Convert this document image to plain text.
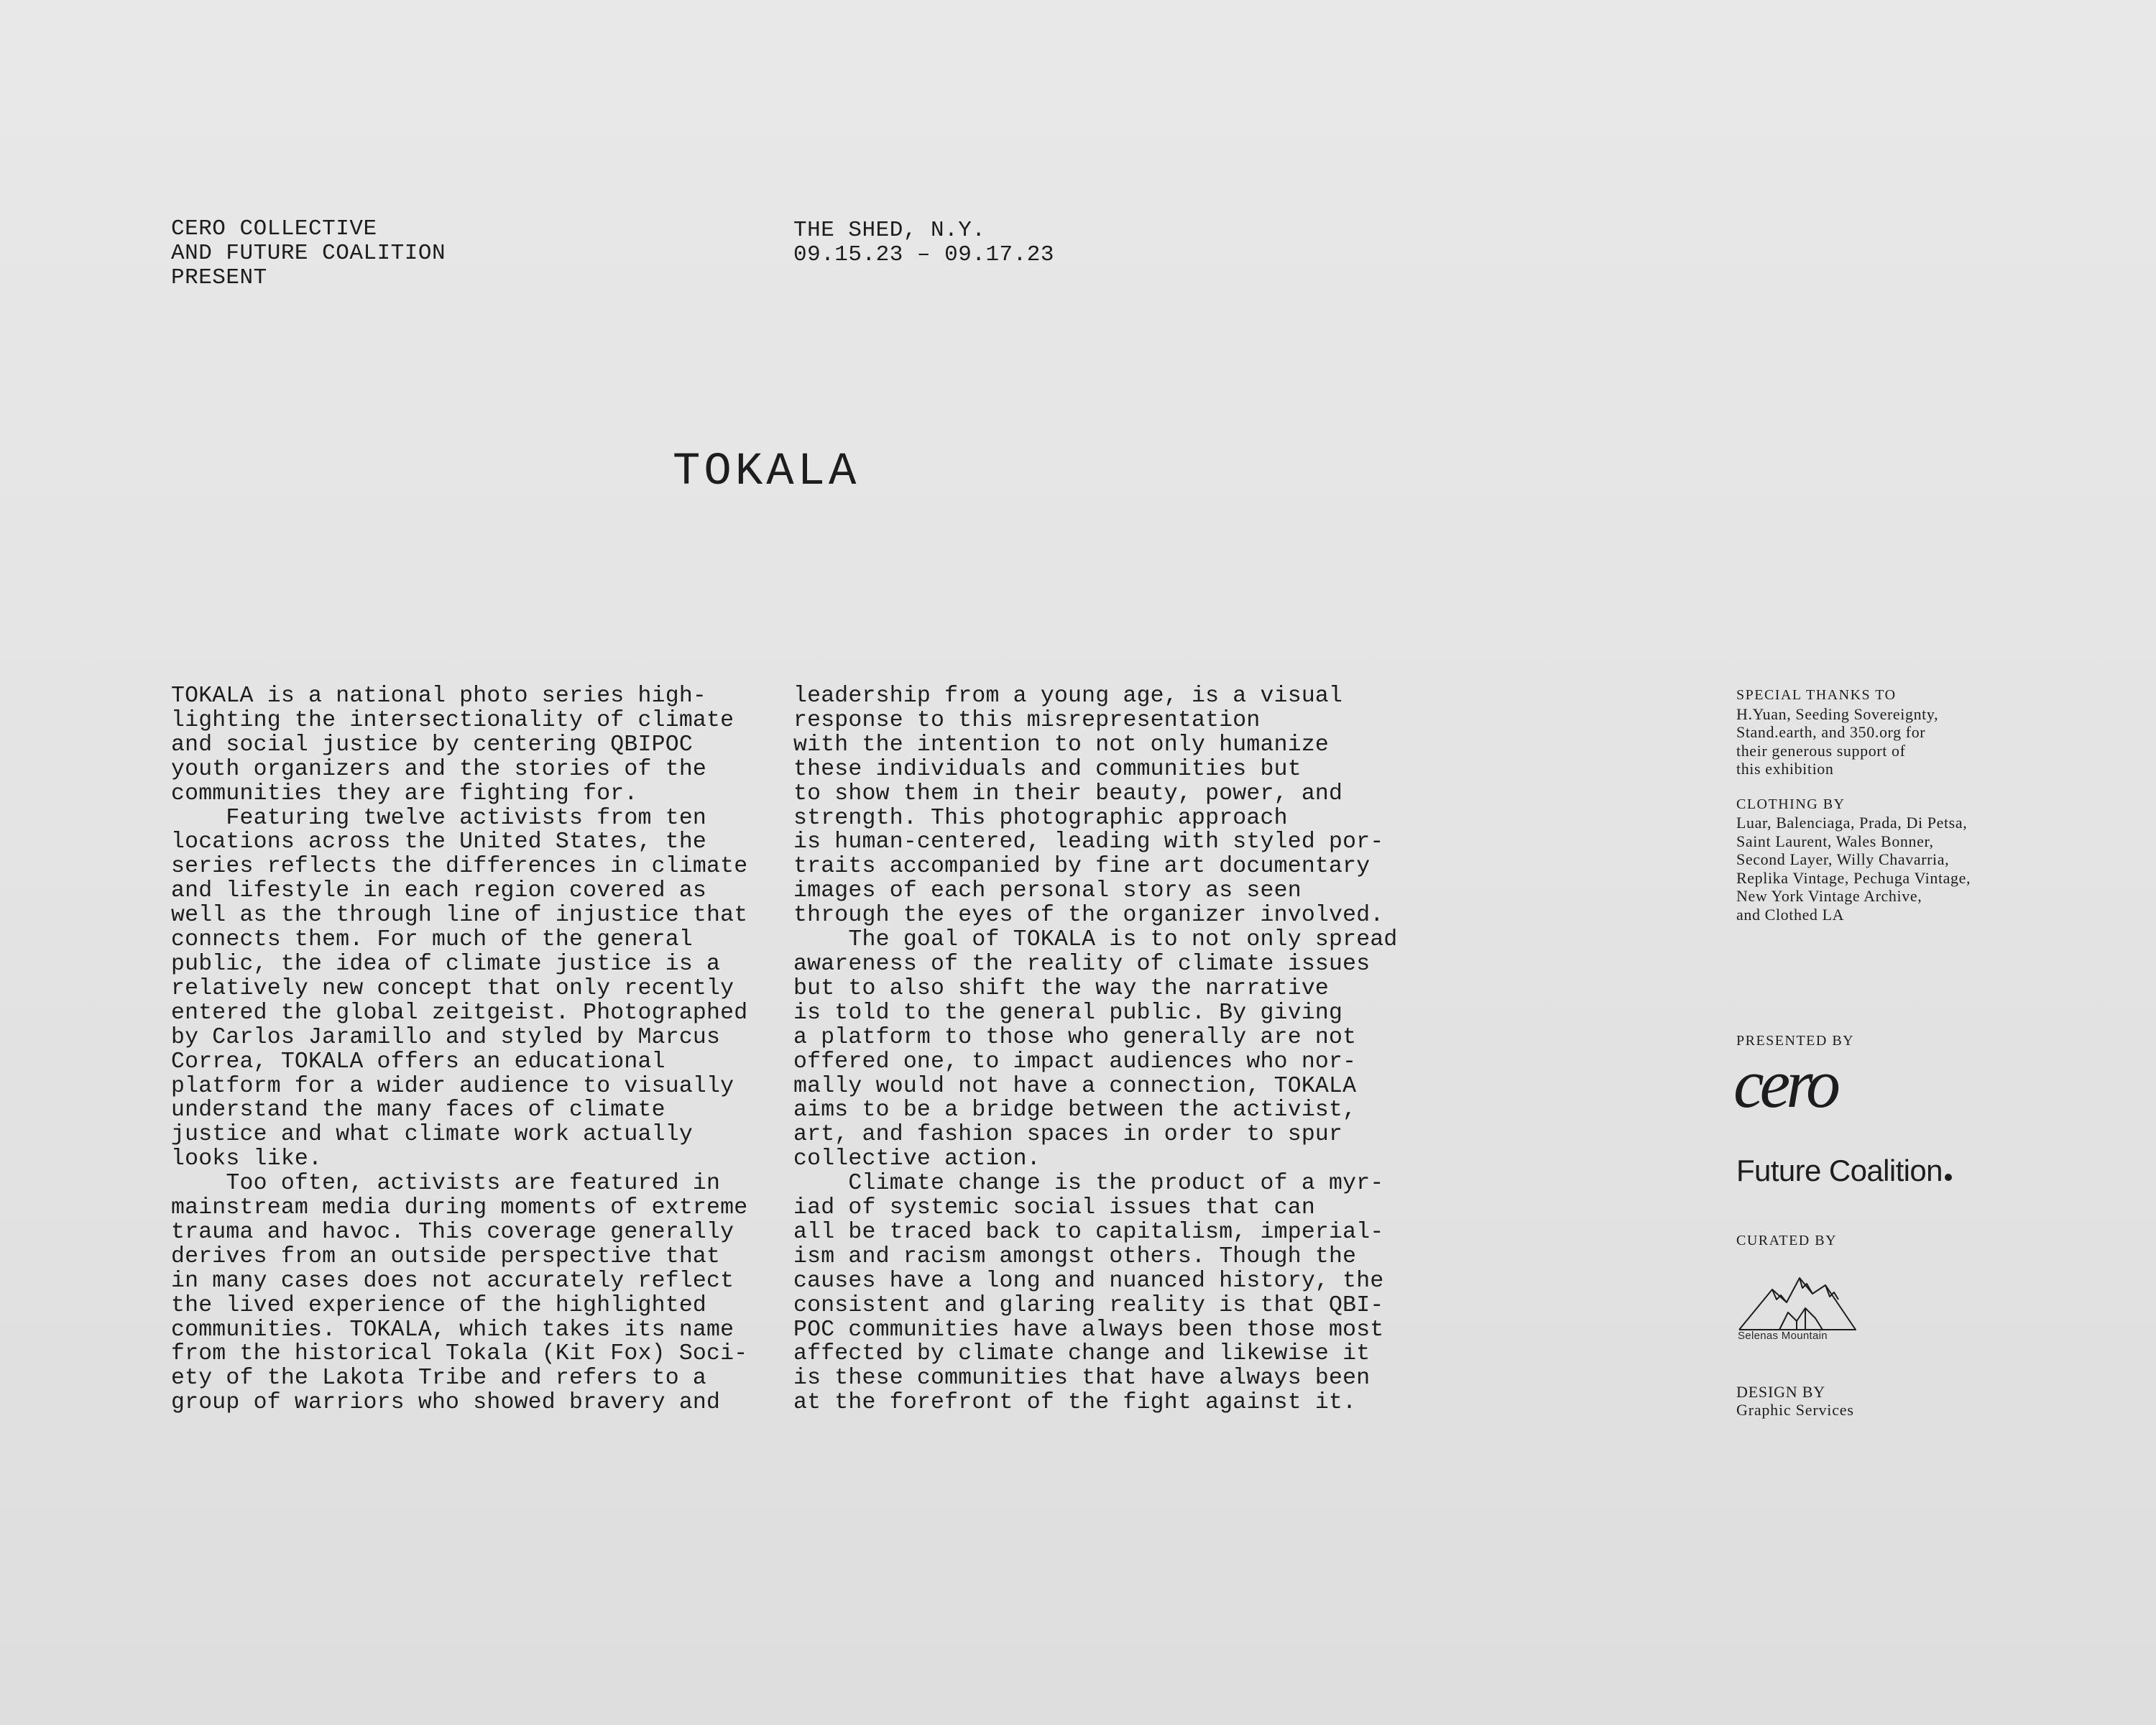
CERO COLLECTIVE
AND FUTURE COALITION
PRESENT
THE SHED, N.Y.
09.15.23 – 09.17.23
TOKALA
TOKALA is a national photo series high-
lighting the intersectionality of climate
and social justice by centering QBIPOC
youth organizers and the stories of the
communities they are fighting for.
Featuring twelve activists from ten
locations across the United States, the
series reflects the differences in climate
and lifestyle in each region covered as
well as the through line of injustice that
connects them. For much of the general
public, the idea of climate justice is a
relatively new concept that only recently
entered the global zeitgeist. Photographed
by Carlos Jaramillo and styled by Marcus
Correa, TOKALA offers an educational
platform for a wider audience to visually
understand the many faces of climate
justice and what climate work actually
looks like.
Too often, activists are featured in
mainstream media during moments of extreme
trauma and havoc. This coverage generally
derives from an outside perspective that
in many cases does not accurately reflect
the lived experience of the highlighted
communities. TOKALA, which takes its name
from the historical Tokala (Kit Fox) Soci-
ety of the Lakota Tribe and refers to a
group of warriors who showed bravery and
leadership from a young age, is a visual
response to this misrepresentation
with the intention to not only humanize
these individuals and communities but
to show them in their beauty, power, and
strength. This photographic approach
is human-centered, leading with styled por-
traits accompanied by fine art documentary
images of each personal story as seen
through the eyes of the organizer involved.
The goal of TOKALA is to not only spread
awareness of the reality of climate issues
but to also shift the way the narrative
is told to the general public. By giving
a platform to those who generally are not
offered one, to impact audiences who nor-
mally would not have a connection, TOKALA
aims to be a bridge between the activist,
art, and fashion spaces in order to spur
collective action.
Climate change is the product of a myr-
iad of systemic social issues that can
all be traced back to capitalism, imperial-
ism and racism amongst others. Though the
causes have a long and nuanced history, the
consistent and glaring reality is that QBI-
POC communities have always been those most
affected by climate change and likewise it
is these communities that have always been
at the forefront of the fight against it.
SPECIAL THANKS TO
H.Yuan, Seeding Sovereignty,
Stand.earth, and 350.org for
their generous support of
this exhibition
CLOTHING BY
Luar, Balenciaga, Prada, Di Petsa,
Saint Laurent, Wales Bonner,
Second Layer, Willy Chavarria,
Replika Vintage, Pechuga Vintage,
New York Vintage Archive,
and Clothed LA
PRESENTED BY
cero
Future Coalition
CURATED BY
Selenas Mountain
DESIGN BY
Graphic Services
